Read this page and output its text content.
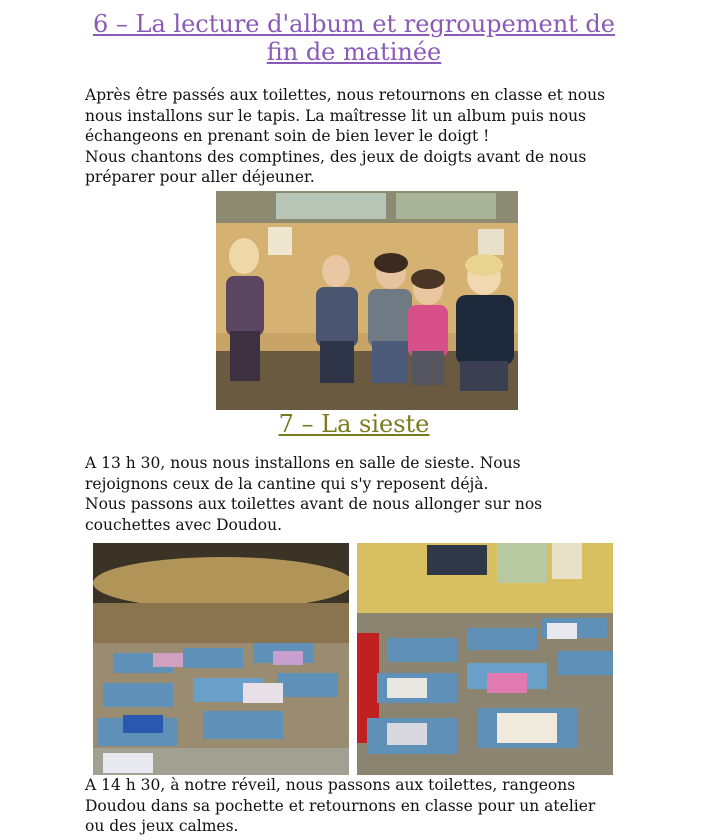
6 – La lecture d'album et regroupement de
fin de matinée

Après être passés aux toilettes, nous retournons en classe et nous
nous installons sur le tapis. La maîtresse lit un album puis nous
échangeons en prenant soin de bien lever le doigt !
Nous chantons des comptines, des jeux de doigts avant de nous
préparer pour aller déjeuner.

7 – La sieste

A 13 h 30, nous nous installons en salle de sieste. Nous
rejoignons ceux de la cantine qui s'y reposent déjà.
Nous passons aux toilettes avant de nous allonger sur nos
couchettes avec Doudou.

A 14 h 30, à notre réveil, nous passons aux toilettes, rangeons
Doudou dans sa pochette et retournons en classe pour un atelier
ou des jeux calmes.
